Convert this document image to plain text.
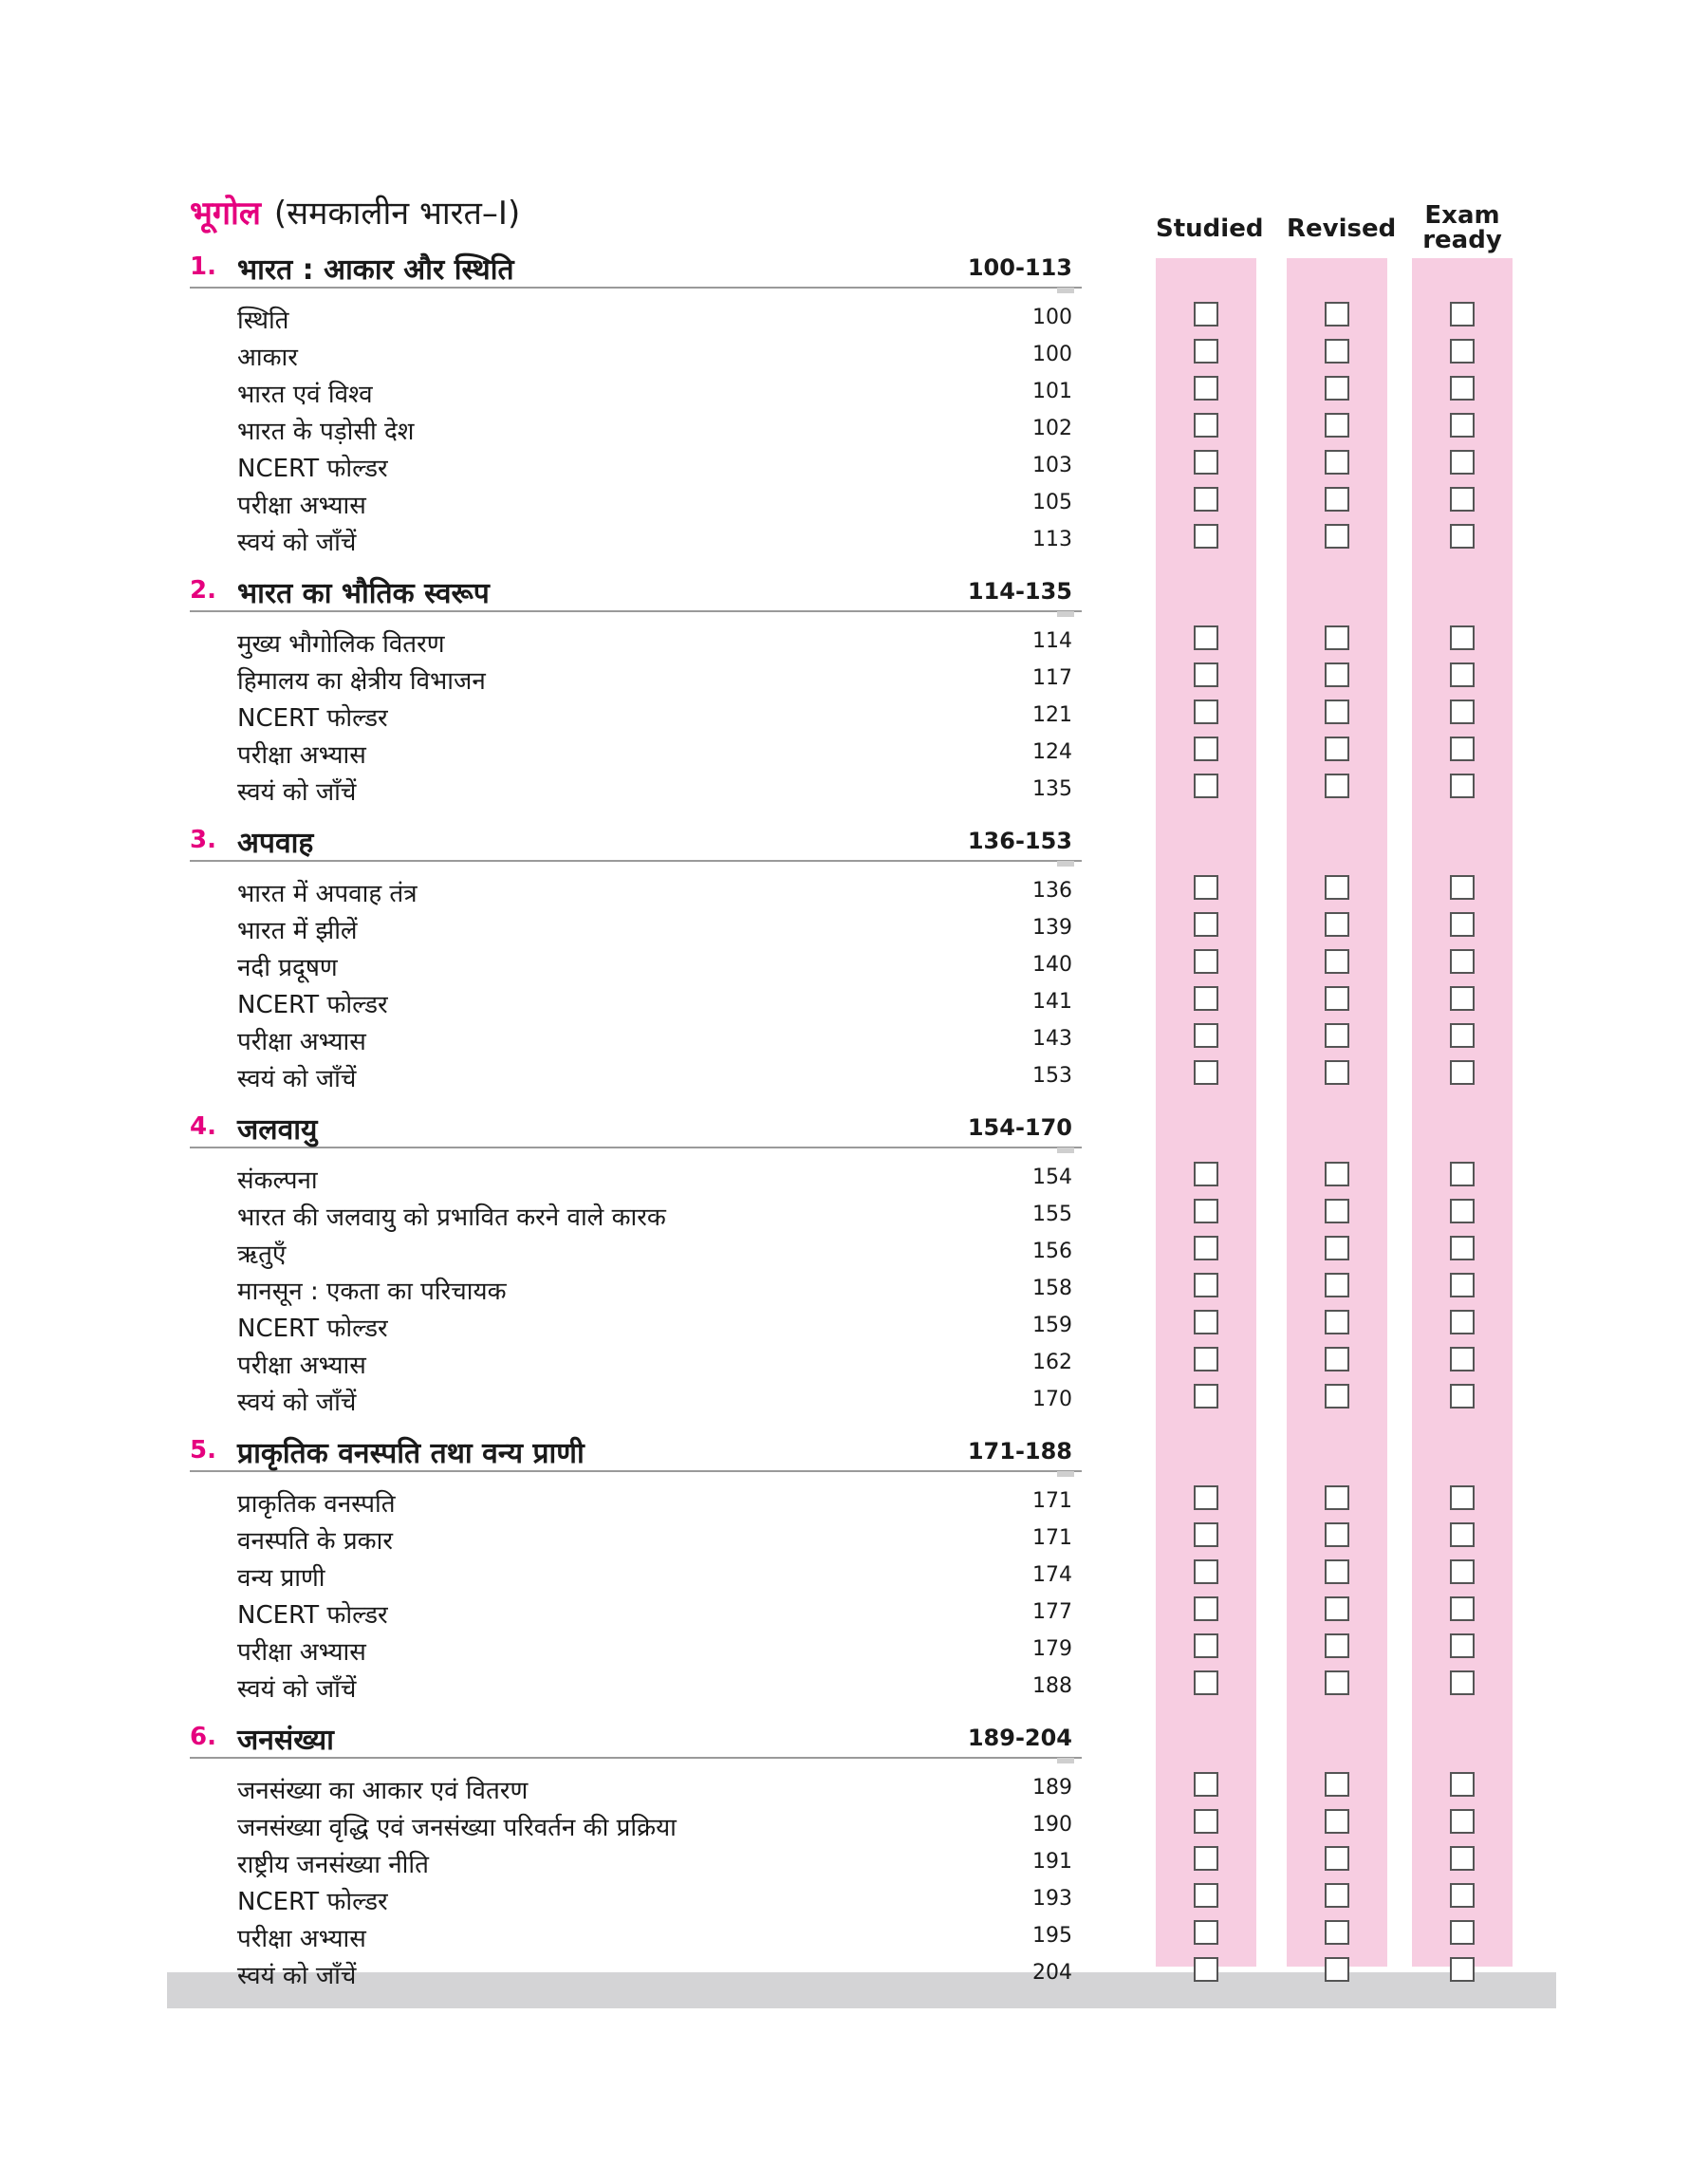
भूगोल (समकालीन भारत–I)	Studied Revised	Exam
ready
1. भारत : आकार और स्थिति	100-113
स्थिति	100
आकार	100
भारत एवं विश्व	101
भारत के पड़ोसी देश	102
NCERT फोल्डर	103
परीक्षा अभ्यास	105
स्वयं को जाँचें	113
2. भारत का भौतिक स्वरूप	114-135
मुख्य भौगोलिक वितरण	114
हिमालय का क्षेत्रीय विभाजन	117
NCERT फोल्डर	121
परीक्षा अभ्यास	124
स्वयं को जाँचें	135
3. अपवाह	136-153
भारत में अपवाह तंत्र	136
भारत में झीलें	139
नदी प्रदूषण	140
NCERT फोल्डर	141
परीक्षा अभ्यास	143
स्वयं को जाँचें	153
4. जलवायु	154-170
संकल्पना	154
भारत की जलवायु को प्रभावित करने वाले कारक	155
ऋतुएँ	156
मानसून : एकता का परिचायक	158
NCERT फोल्डर	159
परीक्षा अभ्यास	162
स्वयं को जाँचें	170
5. प्राकृतिक वनस्पति तथा वन्य प्राणी	171-188
प्राकृतिक वनस्पति	171
वनस्पति के प्रकार	171
वन्य प्राणी	174
NCERT फोल्डर	177
परीक्षा अभ्यास	179
स्वयं को जाँचें	188
6. जनसंख्या	189-204
जनसंख्या का आकार एवं वितरण	189
जनसंख्या वृद्धि एवं जनसंख्या परिवर्तन की प्रक्रिया	190
राष्ट्रीय जनसंख्या नीति	191
NCERT फोल्डर	193
परीक्षा अभ्यास	195
स्वयं को जाँचें	204
